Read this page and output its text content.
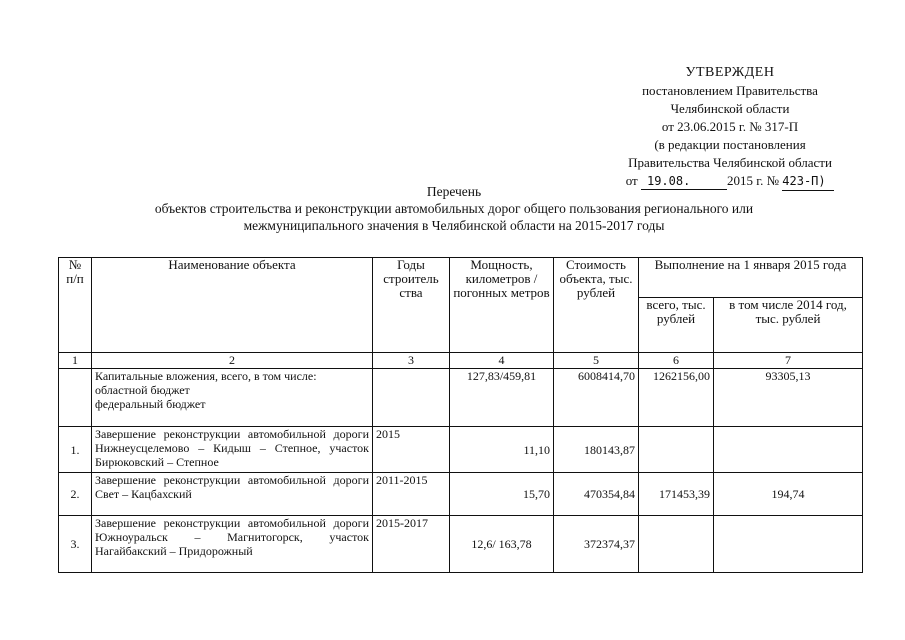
УТВЕРЖДЕН
постановлением Правительства
Челябинской области
от 23.06.2015 г. № 317-П
(в редакции постановления
Правительства Челябинской области
от 19.08.	2015 г. № 423-П)
Перечень
объектов строительства и реконструкции автомобильных дорог общего пользования регионального или
межмуниципального значения в Челябинской области на 2015-2017 годы
№ п/п	Наименование объекта	Годы строитель ства	Мощность, километров / погонных метров	Стоимость объекта, тыс. рублей	Выполнение на 1 января 2015 года	
					всего, тыс. рублей	в том числе 2014 год, тыс. рублей
1	2	3	4	5	6	7

	Капитальные вложения, всего, в том числе:
областной бюджет
федеральный бюджет		127,83/459,81	6008414,70	1262156,00	93305,13
1.	Завершение реконструкции автомобильной дороги Нижнеусцелемово – Кидыш – Степное, участок Бирюковский – Степное	2015	11,10	180143,87		
2.	Завершение реконструкции автомобильной дороги Свет – Кацбахский	2011-2015	15,70	470354,84	171453,39	194,74
3.	Завершение реконструкции автомобильной дороги Южноуральск – Магнитогорск, участок Нагайбакский – Придорожный	2015-2017	12,6/ 163,78	372374,37		
